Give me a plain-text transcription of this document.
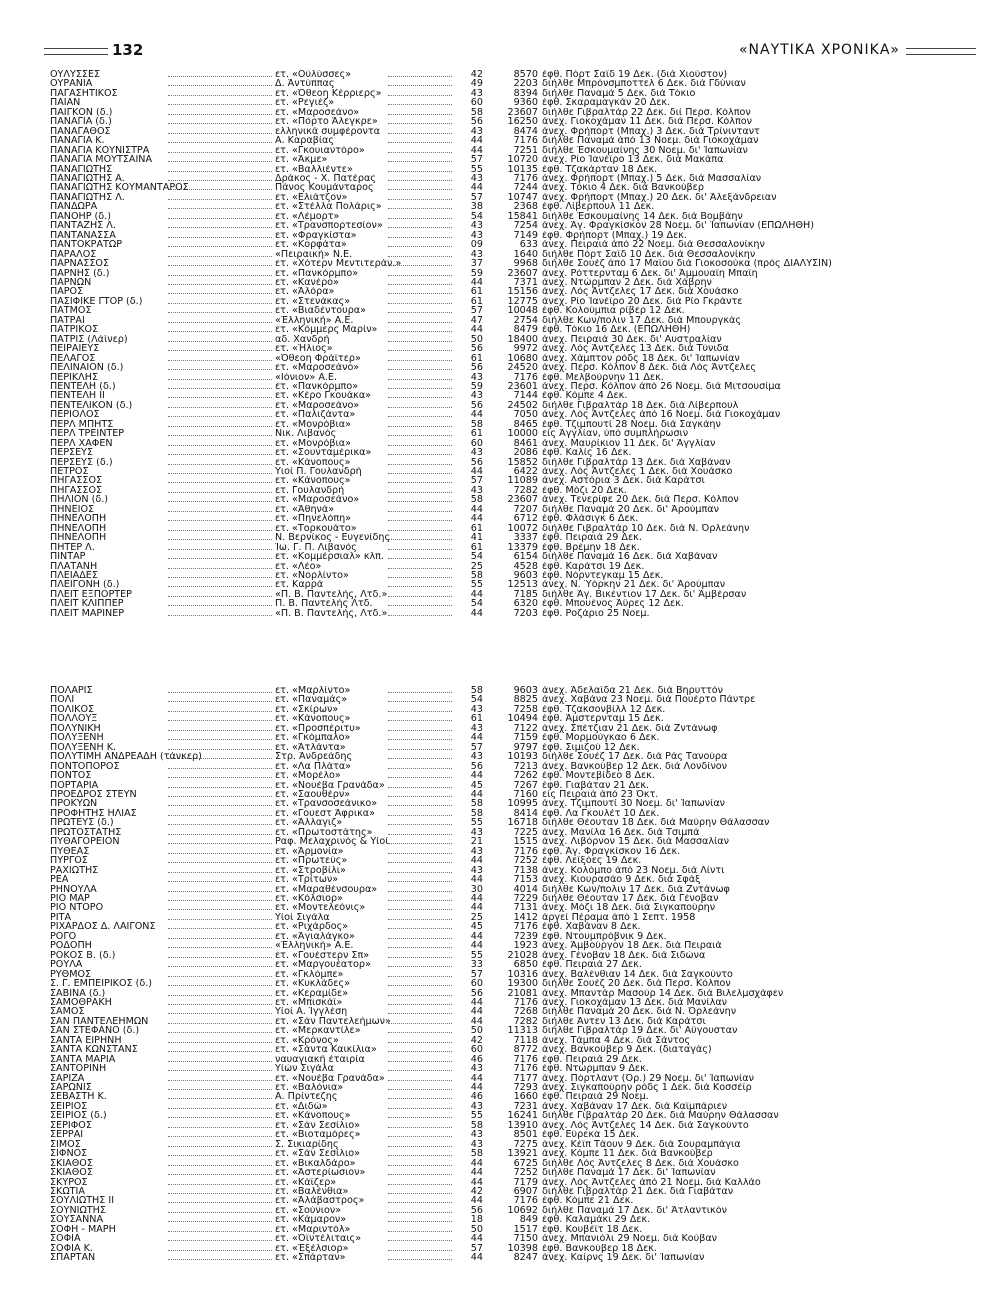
132	«ΝΑΥΤΙΚΑ ΧΡΟΝΙΚΑ»
ΟΥΛΥΣΣΕΣ	ετ. «Ούλύσσες»	42	8570 έφθ. Πόρτ Σαΐδ 19 Δεκ. (διά Χιούστον)
ΟΥΡΑΝΙΑ	Δ. Άντύππας	49	2203 διήλθε Μπρόνσμποττελ 6 Δεκ. διά Γδύνιαν
ΠΑΓΑΣΗΤΙΚΟΣ	ετ. «Όθεοη Κέρριερς»	43	8394 διήλθε Παναμά 5 Δεκ. διά Τόκιο
ΠΑΙΑΝ	ετ. «Ρεγιέζ»	60	9360 έφθ. Σκαραμαγκάν 20 Δεκ.
ΠΑΙΓΚΟΝ (δ.)	ετ. «Μαροσεάνο»	58	23607 διήλθε Γιβραλτάρ 22 Δεκ. διί Περσ. Κόλπον
ΠΑΝΑΓΙΑ (δ.)	ετ. «Πόρτο Άλεγκρε»	56	16250 άνεχ. Γιοκοχάμαν 11 Δεκ. διά Περσ. Κόλπον
ΠΑΝΑΓΑΘΟΣ	ελληνικά συμφέροντα	43	8474 άνεχ. Φρήπορτ (Μπαχ.) 3 Δεκ. διά Τρίνινταντ
ΠΑΝΑΓΙΑ Κ.	Α. Καραβίας	44	7176 διήλθε Παναμά άπό 13 Νοεμ. διά Γιοκοχάμαν
ΠΑΝΑΓΙΑ ΚΟΥΝΙΣΤΡΑ	ετ. «Γκουιαντόρο»	44	7251 διήλθε Έσκουμαίνης 30 Νοεμ. δι' Ίαπωνίαν
ΠΑΝΑΓΙΑ ΜΟΥΤΣΑΙΝΑ	ετ. «Άκμε»	57	10720 άνεχ. Ρίο Ίανέϊρο 13 Δεκ. διά Μακάπα
ΠΑΝΑΓΙΩΤΗΣ	ετ. «Βαλλιέντε»	55	10135 έφθ. Τζακάρταν 18 Δεκ.
ΠΑΝΑΓΙΩΤΗΣ Α.	Δράκος - Χ. Πατέρας	43	7176 άνεχ. Φρήπορτ (Μπαχ.) 5 Δεκ. διά Μασσαλίαν
ΠΑΝΑΓΙΩΤΗΣ ΚΟΥΜΑΝΤΑΡΟΣ	Πάνος Κουμάνταρος	44	7244 άνεχ. Τόκιο 4 Δεκ. διά Βανκούβερ
ΠΑΝΑΓΙΩΤΗΣ Λ.	ετ. «Ελιάτζον»	57	10747 άνεχ. Φρήπορτ (Μπαχ.) 20 Δεκ. δι' Άλεξάνδρειαν
ΠΑΝΔΩΡΑ	ετ. «Στέλλα Πολάρις»	38	2368 έφθ. Λίβερπουλ 11 Δεκ.
ΠΑΝΟΗΡ (δ.)	ετ. «Λέμορτ»	54	15841 διήλθε Έσκουμαίνης 14 Δεκ. διά Βομβάην
ΠΑΝΤΑΖΗΣ Λ.	ετ. «Τρανσπορτεσίον»	43	7254 άνεχ. Άγ. Φραγκίσκον 28 Νοεμ. δι' Ίαπωνίαν (ΕΠΩΛΗΘΗ)
ΠΑΝΤΑΝΑΣΣΑ	ετ. «Φραγκίστα»	43	7149 έφθ. Φρήπορτ (Μπαχ.) 19 Δεκ.
ΠΑΝΤΟΚΡΑΤΩΡ	ετ. «Κορφάτα»	09	633 άνεχ. Πειραιά άπό 22 Νοεμ. διά Θεσσαλονίκην
ΠΑΡΑΛΟΣ	«Πειραική» Ν.Ε.	43	1640 διήλθε Πόρτ Σαΐδ 10 Δεκ. διά Θεσσαλονίκην
ΠΑΡΝΑΣΣΟΣ	ετ. «Χότερν Μεντιτεράν.»	37	9968 διήλθε Σουέζ άπό 17 Μαΐου διά Γιοκοσούκα (πρός ΔΙΑΛΥΣΙΝ)
ΠΑΡΝΗΣ (δ.)	ετ. «Πανκόρμπο»	59	23607 άνεχ. Ρόττερνταμ 6 Δεκ. δι' Άμμουαϊη Μπαϊη
ΠΑΡΝΩΝ	ετ. «Κανέρο»	44	7371 άνεχ. Ντώρμπαν 2 Δεκ. διά Χάβρην
ΠΑΡΟΣ	ετ. «Άλόρα»	61	15156 άνεχ. Λός Άντζελες 17 Δεκ. διά Χουάσκο
ΠΑΣΙΦΙΚΕ ΓΤΟΡ (δ.)	ετ. «Στενάκας»	61	12775 άνεχ. Ρίο Ίανέϊρο 20 Δεκ. διά Ρίο Γκράντε
ΠΑΤΜΟΣ	ετ. «Βιαδέντουρα»	57	10048 έφθ. Κολούμπια ρίβερ 12 Δεκ.
ΠΑΤΡΑΙ	«Έλληνική» Α.Ε.	47	2754 διήλθε Κων/πολιν 17 Δεκ. διά Μπουργκάς
ΠΑΤΡΙΚΟΣ	ετ. «Κόμμερς Μαρίν»	44	8479 έφθ. Τόκιο 16 Δεκ. (ΕΠΩΛΗΘΗ)
ΠΑΤΡΙΣ (Λάϊνερ)	αδ. Χανδρή	50	18400 άνεχ. Πειραιά 30 Δεκ. δι' Αυστραλίαν
ΠΕΙΡΑΙΕΥΣ	ετ. «Ήλιος»	56	9972 άνεχ. Λός Άντζελες 13 Δεκ. διά Τύνιδα
ΠΕΛΑΓΟΣ	«Όθεοη Φράϊτερ»	61	10680 άνεχ. Χάμπτον ρόδς 18 Δεκ. δι' Ίαπωνίαν
ΠΕΛΙΝΑΙΟΝ (δ.)	ετ. «Μαροσεάνο»	56	24520 άνεχ. Περσ. Κόλπον 8 Δεκ. διά Λός Άντζελες
ΠΕΡΙΚΛΗΣ	«Ιόνιον» Α.Ε.	43	7176 έφθ. Μελβούρνην 11 Δεκ.
ΠΕΝΤΕΛΗ (δ.)	ετ. «Πανκόρμπο»	59	23601 άνεχ. Περσ. Κόλπον άπό 26 Νοεμ. διά Μιτσουσίμα
ΠΕΝΤΕΛΗ ΙΙ	ετ. «Κέρο Γκουάκα»	43	7144 έφθ. Κόμπε 4 Δεκ.
ΠΕΝΤΕΛΙΚΟΝ (δ.)	ετ. «Μαροσεάνο»	56	24502 διήλθε Γιβραλτάρ 18 Δεκ. διά Λίβερπουλ
ΠΕΡΙΟΛΟΣ	ετ. «Παλιζάντα»	44	7050 άνεχ. Λός Άντζελες άπό 16 Νοεμ. διά Γιοκοχάμαν
ΠΕΡΛ ΜΠΗΤΣ	ετ. «Μονρόβια»	58	8465 έφθ. Τζιμπουτί 28 Νοεμ. διά Σαγκάην
ΠΕΡΛ ΤΡΕΪΝΤΕΡ	Νικ. Λιβανός	61	10000 είς Άγγλίαν, ύπό συμπλήρωσιν
ΠΕΡΛ ΧΑΦΕΝ	ετ. «Μονρόβια»	60	8461 άνεχ. Μαυρίκιον 11 Δεκ. δι' Άγγλίαν
ΠΕΡΣΕΥΣ	ετ. «Σουνταμέρικα»	43	2086 έφθ. Καλίς 16 Δεκ.
ΠΕΡΣΕΥΣ (δ.)	ετ. «Κάνοπους»	56	15852 διήλθε Γιβραλτάρ 13 Δεκ. διά Χαβάναν
ΠΕΤΡΟΣ	Υιοί Π. Γουλανδρή	44	6422 άνεχ. Λός Άντζελες 1 Δεκ. διά Χουάσκο
ΠΗΓΑΣΣΟΣ	ετ. «Κάνοπους»	57	11089 άνεχ. Αστόρια 3 Δεκ. διά Καράτσι
ΠΗΓΑΣΣΟΣ	ετ. Γουλανδρή	43	7282 έφθ. Μόζι 20 Δεκ.
ΠΗΛΙΟΝ (δ.)	ετ. «Μαροσεάνο»	58	23607 άνεχ. Τενερίφε 20 Δεκ. διά Περσ. Κόλπον
ΠΗΝΕΙΟΣ	ετ. «Άθηνά»	44	7207 διήλθε Παναμά 20 Δεκ. δι' Άρούμπαν
ΠΗΝΕΛΟΠΗ	ετ. «Πηνελόπη»	44	6712 έφθ. Φλάσιγκ 6 Δεκ.
ΠΗΝΕΛΟΠΗ	ετ. «Τορκουάτο»	61	10072 διήλθε Γιβραλτάρ 10 Δεκ. διά Ν. Όρλεάνην
ΠΗΝΕΛΟΠΗ	Ν. Βερνίκος - Ευγενίδης	41	3337 έφθ. Πειραιά 29 Δεκ.
ΠΗΤΕΡ Λ.	Ίω. Γ. Π. Λιβανός	61	13379 έφθ. Βρέμην 18 Δεκ.
ΠΙΝΤΑΡ	ετ. «Κομμέρσιαλ» κλπ.	54	6154 διήλθε Παναμά 16 Δεκ. διά Χαβάναν
ΠΛΑΤΑΝΗ	ετ. «Λέο»	25	4528 έφθ. Καράτσι 19 Δεκ.
ΠΛΕΙΑΔΕΣ	ετ. «Νορλίντο»	58	9603 έφθ. Νόρντεγκαμ 15 Δεκ.
ΠΛΕΙΓΟΝΗ (δ.)	ετ. Καρρά	55	12513 άνεχ. Ν. Ύόρκην 21 Δεκ. δι' Άρούμπαν
ΠΛΕΪΤ ΕΞΠΟΡΤΕΡ	«Π. Β. Παντελής, Λτδ.»	44	7185 διήλθε Άγ. Βικέντιον 17 Δεκ. δι' Άμβέρσαν
ΠΛΕΪΤ ΚΛΙΠΠΕΡ	Π. Β. Παντελής Λτδ.	54	6320 έφθ. Μπουένος Άϋρες 12 Δεκ.
ΠΛΕΪΤ ΜΑΡΙΝΕΡ	«Π. Β. Παντελής, Λτδ.»	44	7203 έφθ. Ροζάριο 25 Νοεμ.
ΠΟΛΑΡΙΣ	ετ. «Μαρλίντο»	58	9603 άνεχ. Άδελαΐδα 21 Δεκ. διά Βηρυττόν
ΠΟΛΙ	ετ. «Παναμάς»	54	8825 άνεχ. Χαβάνα 23 Νοεμ. διά Πουέρτο Πάντρε
ΠΟΛΙΚΟΣ	ετ. «Σκίρων»	43	7258 έφθ. Τζακσονβίλλ 12 Δεκ.
ΠΟΛΛΟΥΞ	ετ. «Κάνοπους»	61	10494 έφθ. Άμστερνταμ 15 Δεκ.
ΠΟΛΥΝΙΚΗ	ετ. «Προσπέριτυ»	43	7122 άνεχ. Σπέτζιαν 21 Δεκ. διά Ζντάνωφ
ΠΟΛΥΞΕΝΗ	ετ. «Γκόμπαλο»	44	7159 έφθ. Μορμούγκαο 6 Δεκ.
ΠΟΛΥΞΕΝΗ Κ.	ετ. «Άτλάντα»	57	9797 έφθ. Σιμιζού 12 Δεκ.
ΠΟΛΥΤΙΜΗ ΑΝΔΡΕΑΔΗ (τάνκερ)	Στρ. Άνδρεάδης	43	10193 διήλθε Σουέζ 17 Δεκ. διά Ράς Τανούρα
ΠΟΝΤΟΠΟΡΟΣ	ετ. «Λα Πλάτα»	56	7213 άνεχ. Βανκούβερ 12 Δεκ. διά Λονδίνον
ΠΟΝΤΟΣ	ετ. «Μορέλο»	44	7262 έφθ. Μοντεβίδεο 8 Δεκ.
ΠΟΡΤΑΡΙΑ	ετ. «Νουέβα Γρανάδα»	45	7267 έφθ. Γιαβάταν 21 Δεκ.
ΠΡΟΕΔΡΟΣ ΣΤΕΫΝ	ετ. «Σαουθέρν»	44	7160 είς Πειραιά άπό 23 Όκτ.
ΠΡΟΚΥΩΝ	ετ. «Τρανσοσεάνικο»	58	10995 άνεχ. Τζιμπουτί 30 Νοεμ. δι' Ίαπωνίαν
ΠΡΟΦΗΤΗΣ ΗΛΙΑΣ	ετ. «Γουεστ Άφρικα»	58	8414 έφθ. Λα Γκουλέτ 10 Δεκ.
ΠΡΩΤΕΥΣ (δ.)	ετ. «Άλλαγιζ»	55	16718 διήλθε Θέουταν 18 Δεκ. διά Μαύρην Θάλασσαν
ΠΡΩΤΟΣΤΑΤΗΣ	ετ. «Πρωτοστάτης»	43	7225 άνεχ. Μανίλα 16 Δεκ. διά Τσιμπά
ΠΥΘΑΓΟΡΕΙΟΝ	Ραφ. Μελαχρινός & Υίοί	21	1515 άνεχ. Λιβόρνον 15 Δεκ. διά Μασσαλίαν
ΠΥΘΕΑΣ	ετ. «Άρμονία»	43	7176 έφθ. Άγ. Φραγκίσκον 16 Δεκ.
ΠΥΡΓΟΣ	ετ. «Πρωτεύς»	44	7252 έφθ. Λεϊξόες 19 Δεκ.
ΡΑΧΙΩΤΗΣ	ετ. «Στροβίλι»	43	7138 άνεχ. Κολόμπο άπό 23 Νοεμ. διά Λίντι
ΡΕΑ	ετ. «Τρίτων»	44	7153 άνεχ. Κιουρασάο 9 Δεκ. διά Σφάξ
ΡΗΝΟΥΛΑ	ετ. «Μαραθένσουρα»	30	4014 διήλθε Κων/πολιν 17 Δεκ. διά Ζντάνωφ
ΡΙΟ ΜΑΡ	ετ. «Κόλσιορ»	44	7229 διήλθε Θέουταν 17 Δεκ. διά Γένοβαν
ΡΙΟ ΝΤΟΡΟ	ετ. «Μοντελεόνις»	44	7131 άνεχ. Μόζι 18 Δεκ. διά Σιγκαπούρην
ΡΙΤΑ	Υίοί Σιγάλα	25	1412 άργεί Πέραμα άπό 1 Σεπτ. 1958
ΡΙΧΑΡΔΟΣ Δ. ΛΑΙΓΟΝΣ	ετ. «Ριχάρδος»	45	7176 έφθ. Χαβάναν 8 Δεκ.
ΡΟΓΟ	ετ. «Άγιαλάγκο»	44	7239 έφθ. Ντουμπρόβνικ 9 Δεκ.
ΡΟΔΟΠΗ	«Έλληνική» Α.Ε.	44	1923 άνεχ. Άμβούργον 18 Δεκ. διά Πειραιά
ΡΟΚΟΣ Β. (δ.)	ετ. «Γουέστερν Σπ»	55	21028 άνεχ. Γένοβαν 18 Δεκ. διά Σιδώνα
ΡΟΥΛΑ	ετ. «Μαργουέατορ»	33	6850 έφθ. Πειραιά 27 Δεκ.
ΡΥΘΜΟΣ	ετ. «Γκλόμπε»	57	10316 άνεχ. Βαλένθιαν 14 Δεκ. διά Σαγκούντο
Σ. Γ. ΕΜΠΕΙΡΙΚΟΣ (δ.)	ετ. «Κυκλάδες»	60	19300 διήλθε Σουέζ 20 Δεκ. διά Περσ. Κόλπον
ΣΑΒΙΝΑ (δ.)	ετ. «Κεραμίδε»	56	21081 άνεχ. Μπαντάρ Μασούρ 14 Δεκ. διά Βιλελμσχάφεν
ΣΑΜΟΘΡΑΚΗ	ετ. «Μπισκάϊ»	44	7176 άνεχ. Γιοκοχάμαν 13 Δεκ. διά Μανίλαν
ΣΑΜΟΣ	Υίοί Α. Ίγγλέση	44	7268 διήλθε Παναμά 20 Δεκ. διά Ν. Όρλεάνην
ΣΑΝ ΠΑΝΤΕΛΕΗΜΩΝ	ετ. «Σάν Παντελεήμων»	44	7282 διήλθε Άντεν 13 Δεκ. διά Καράτσι
ΣΑΝ ΣΤΕΦΑΝΟ (δ.)	ετ. «Μερκαντίλε»	50	11313 διήλθε Γιβραλτάρ 19 Δεκ. δι' Αϋγουσταν
ΣΑΝΤΑ ΕΙΡΗΝΗ	ετ. «Κρόνος»	42	7118 άνεχ. Τάμπα 4 Δεκ. διά Σάντος
ΣΑΝΤΑ ΚΩΝΣΤΑΝΣ	ετ. «Σάντα Καικίλια»	60	8772 άνεχ. Βανκούβερ 9 Δεκ. (διαταγάς)
ΣΑΝΤΑ ΜΑΡΙΑ	ναυαγιακή έταιρία	46	7176 έφθ. Πειραιά 29 Δεκ.
ΣΑΝΤΟΡΙΝΗ	Υίών Σιγάλα	43	7176 έφθ. Ντώρμπαν 9 Δεκ.
ΣΑΡΙΖΑ	ετ. «Νουέβα Γρανάδα»	44	7177 άνεχ. Πόρτλαντ (Όρ.) 29 Νοεμ. δι' Ίαπωνίαν
ΣΑΡΩΝΙΣ	ετ. «Βαλόνια»	44	7293 άνεχ. Σιγκαπούρην ρόδς 1 Δεκ. διά Κοσσέϊρ
ΣΕΒΑΣΤΗ Κ.	Α. Πρίντεζης	46	1660 έφθ. Πειραιά 29 Νοεμ.
ΣΕΙΡΙΟΣ	ετ. «Διδώ»	43	7231 άνεχ. Χαβάναν 17 Δεκ. διά Καϊμπάριεν
ΣΕΙΡΙΟΣ (δ.)	ετ. «Κάνοπους»	55	16241 διήλθε Γιβραλτάρ 20 Δεκ. διά Μαύρην Θάλασσαν
ΣΕΡΙΦΟΣ	ετ. «Σάν Σεσίλιο»	58	13910 άνεχ. Λός Άντζελες 14 Δεκ. διά Σαγκούντο
ΣΕΡΡΑΙ	ετ. «Βιοταμόρες»	43	8501 έφθ. Εύρεκα 15 Δεκ.
ΣΙΜΟΣ	Σ. Σικιαρίδης	43	7275 άνεχ. Κέϊπ Τάουν 9 Δεκ. διά Σουραμπάγια
ΣΙΦΝΟΣ	ετ. «Σάν Σεσίλιο»	58	13921 άνεχ. Κόμπε 11 Δεκ. διά Βανκούβερ
ΣΚΙΑΘΟΣ	ετ. «Βικαλδάρο»	44	6725 διήλθε Λός Άντζελες 8 Δεκ. διά Χουάσκο
ΣΚΙΑΘΟΣ	ετ. «Άστερίωσιον»	44	7252 διήλθε Παναμά 17 Δεκ. δι' Ίαπωνίαν
ΣΚΥΡΟΣ	ετ. «Κάΐζερ»	44	7179 άνεχ. Λός Άντζελες άπό 21 Νοεμ. διά Καλλάο
ΣΚΩΤΙΑ	ετ. «Βαλένθια»	42	6907 διήλθε Γιβραλτάρ 21 Δεκ. διά Γιαβάταν
ΣΟΥΛΙΩΤΗΣ ΙΙ	ετ. «Άλάβαστρος»	44	7176 έφθ. Κόμπε 21 Δεκ.
ΣΟΥΝΙΩΤΗΣ	ετ. «Σούνιον»	56	10692 διήλθε Παναμά 17 Δεκ. δι' Άτλαντικόν
ΣΟΥΣΑΝΝΑ	ετ. «Κάμαρον»	18	849 έφθ. Καλαμάκι 29 Δεκ.
ΣΟΦΗ - ΜΑΡΗ	ετ. «Μαριντόλ»	50	1517 έφθ. Κουβέϊτ 18 Δεκ.
ΣΟΦΙΑ	ετ. «Όϊντέλιταις»	44	7150 άνεχ. Μπανιόλι 29 Νοεμ. διά Κούβαν
ΣΟΦΙΑ Κ.	ετ. «Έξέλσιορ»	57	10398 έφθ. Βανκούβερ 18 Δεκ.
ΣΠΑΡΤΑΝ	ετ. «Σπάρταν»	44	8247 άνεχ. Καίρνς 19 Δεκ. δι' Ίαπωνίαν
